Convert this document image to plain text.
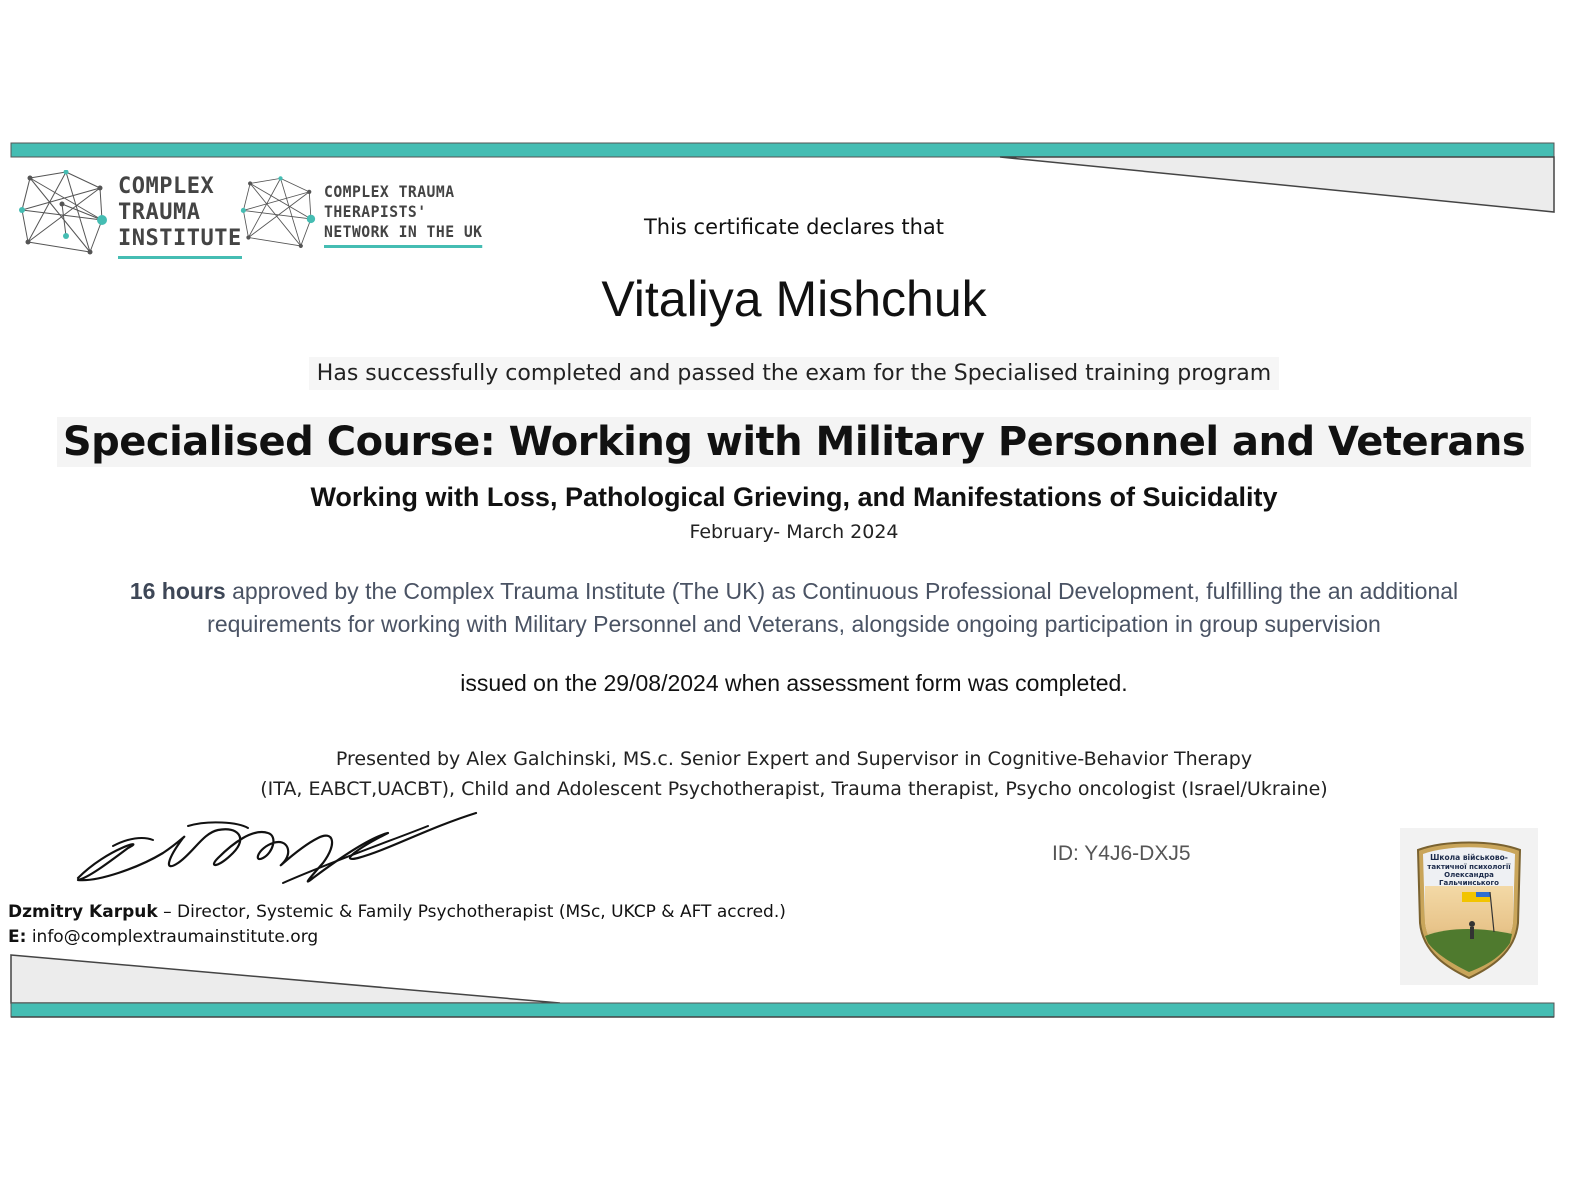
COMPLEX
TRAUMA
INSTITUTE
COMPLEX TRAUMA
THERAPISTS'
NETWORK IN THE UK	This certificate declares that
Vitaliya Mishchuk
Has successfully completed and passed the exam for the Specialised training program
Specialised Course: Working with Military Personnel and Veterans
Working with Loss, Pathological Grieving, and Manifestations of Suicidality
February- March 2024
16 hours approved by the Complex Trauma Institute (The UK) as Continuous Professional Development, fulfilling the an additional
requirements for working with Military Personnel and Veterans, alongside ongoing participation in group supervision
issued on the 29/08/2024 when assessment form was completed.
Presented by Alex Galchinski, MS.c. Senior Expert and Supervisor in Cognitive-Behavior Therapy
(ITA, EABCT,UACBT), Child and Adolescent Psychotherapist, Trauma therapist, Psycho oncologist (Israel/Ukraine)
ID: Y4J6-DXJ5
Dzmitry Karpuk – Director, Systemic & Family Psychotherapist (MSc, UKCP & AFT accred.)
E: info@complextraumainstitute.org
Школа військово-
тактичної психології
Олександра
Гальчинського
